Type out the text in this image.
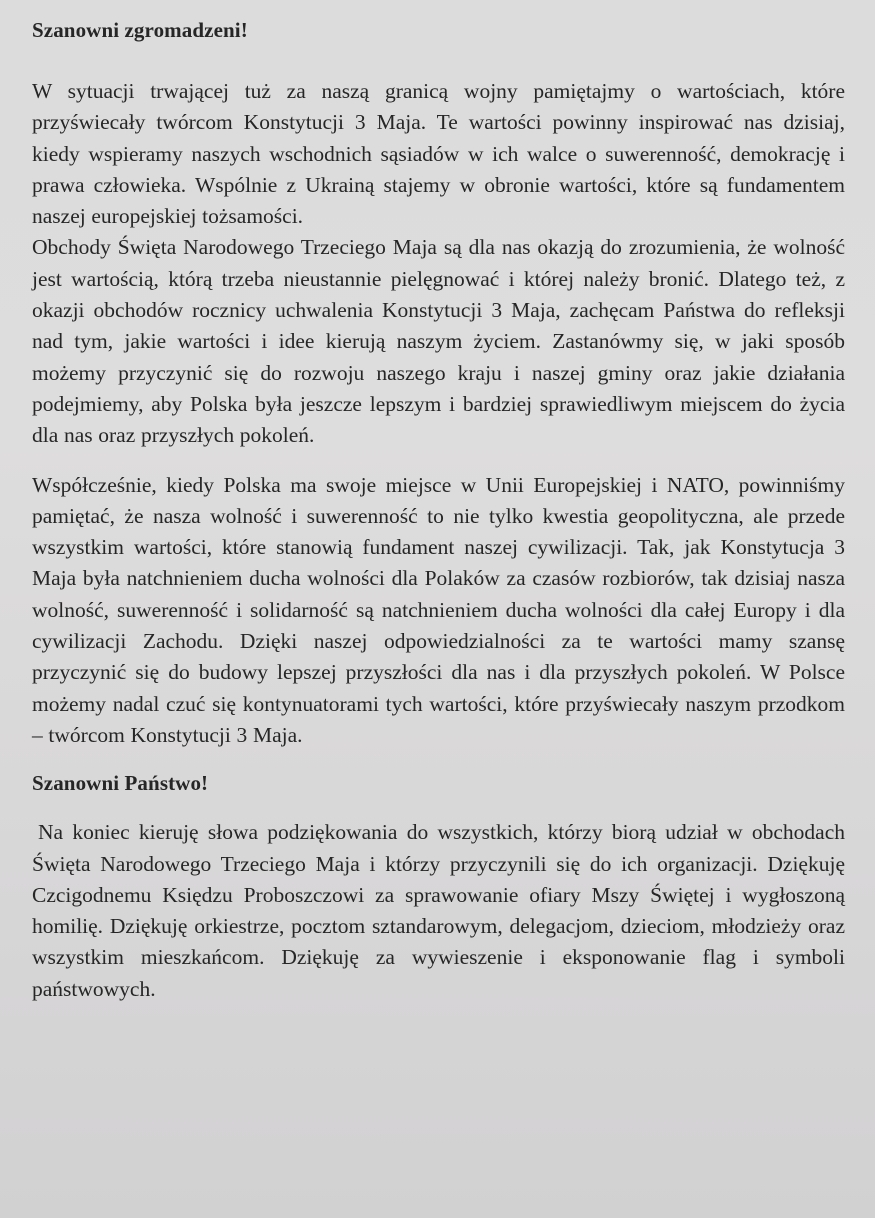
Szanowni zgromadzeni!

W sytuacji trwającej tuż za naszą granicą wojny pamiętajmy o wartościach, które przyświecały twórcom Konstytucji 3 Maja. Te wartości powinny inspirować nas dzisiaj, kiedy wspieramy naszych wschodnich sąsiadów w ich walce o suwerenność, demokrację i prawa człowieka. Wspólnie z Ukrainą stajemy w obronie wartości, które są fundamentem naszej europejskiej tożsamości.

Obchody Święta Narodowego Trzeciego Maja są dla nas okazją do zrozumienia, że wolność jest wartością, którą trzeba nieustannie pielęgnować i której należy bronić. Dlatego też, z okazji obchodów rocznicy uchwalenia Konstytucji 3 Maja, zachęcam Państwa do refleksji nad tym, jakie wartości i idee kierują naszym życiem. Zastanówmy się, w jaki sposób możemy przyczynić się do rozwoju naszego kraju i naszej gminy oraz jakie działania podejmiemy, aby Polska była jeszcze lepszym i bardziej sprawiedliwym miejscem do życia dla nas oraz przyszłych pokoleń.

Współcześnie, kiedy Polska ma swoje miejsce w Unii Europejskiej i NATO, powinniśmy pamiętać, że nasza wolność i suwerenność to nie tylko kwestia geopolityczna, ale przede wszystkim wartości, które stanowią fundament naszej cywilizacji. Tak, jak Konstytucja 3 Maja była natchnieniem ducha wolności dla Polaków za czasów rozbiorów, tak dzisiaj nasza wolność, suwerenność i solidarność są natchnieniem ducha wolności dla całej Europy i dla cywilizacji Zachodu. Dzięki naszej odpowiedzialności za te wartości mamy szansę przyczynić się do budowy lepszej przyszłości dla nas i dla przyszłych pokoleń. W Polsce możemy nadal czuć się kontynuatorami tych wartości, które przyświecały naszym przodkom – twórcom Konstytucji 3 Maja.

Szanowni Państwo!

Na koniec kieruję słowa podziękowania do wszystkich, którzy biorą udział w obchodach Święta Narodowego Trzeciego Maja i którzy przyczynili się do ich organizacji. Dziękuję Czcigodnemu Księdzu Proboszczowi za sprawowanie ofiary Mszy Świętej i wygłoszoną homilię. Dziękuję orkiestrze, pocztom sztandarowym, delegacjom, dzieciom, młodzieży oraz wszystkim mieszkańcom. Dziękuję za wywieszenie i eksponowanie flag i symboli państwowych.
